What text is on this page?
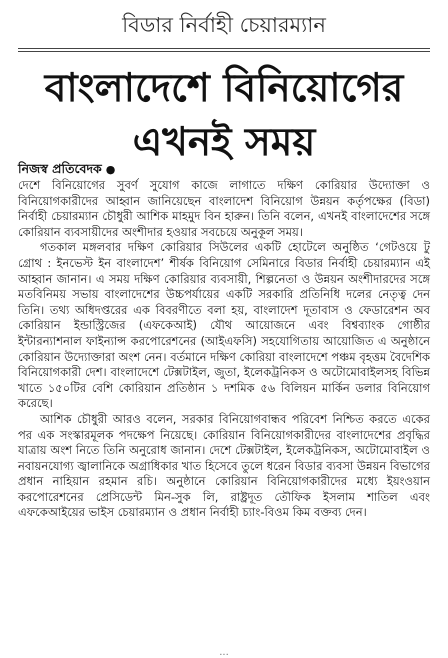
বিডার নির্বাহী চেয়ারম্যান
বাংলাদেশে বিনিয়োগের
এখনই সময়
নিজস্ব প্রতিবেদক ●

দেশে বিনিয়োগের সুবর্ণ সুযোগ কাজে লাগাতে দক্ষিণ কোরিয়ার উদ্যোক্তা ও বিনিয়োগকারীদের আহ্বান জানিয়েছেন বাংলাদেশ বিনিয়োগ উন্নয়ন কর্তৃপক্ষের (বিডা) নির্বাহী চেয়ারম্যান চৌধুরী আশিক মাহমুদ বিন হারুন। তিনি বলেন, এখনই বাংলাদেশের সঙ্গে কোরিয়ান ব্যবসায়ীদের অংশীদার হওয়ার সবচেয়ে অনুকূল সময়।

গতকাল মঙ্গলবার দক্ষিণ কোরিয়ার সিউলের একটি হোটেলে অনুষ্ঠিত ‘গেটওয়ে টু গ্রোথ : ইনভেস্ট ইন বাংলাদেশ’ শীর্ষক বিনিয়োগ সেমিনারে বিডার নির্বাহী চেয়ারম্যান এই আহ্বান জানান। এ সময় দক্ষিণ কোরিয়ার ব্যবসায়ী, শিল্পনেতা ও উন্নয়ন অংশীদারদের সঙ্গে মতবিনিময় সভায় বাংলাদেশের উচ্চপর্যায়ের একটি সরকারি প্রতিনিধি দলের নেতৃত্ব দেন তিনি। তথ্য অধিদপ্তরের এক বিবরণীতে বলা হয়, বাংলাদেশ দূতাবাস ও ফেডারেশন অব কোরিয়ান ইন্ডাস্ট্রিজের (এফকেআই) যৌথ আয়োজনে এবং বিশ্বব্যাংক গোষ্ঠীর ইন্টারন্যাশনাল ফাইন্যান্স করপোরেশনের (আইএফসি) সহযোগিতায় আয়োজিত এ অনুষ্ঠানে কোরিয়ান উদ্যোক্তারা অংশ নেন। বর্তমানে দক্ষিণ কোরিয়া বাংলাদেশে পঞ্চম বৃহত্তম বৈদেশিক বিনিয়োগকারী দেশ। বাংলাদেশে টেক্সটাইল, জুতা, ইলেকট্রনিকস ও অটোমোবাইলসহ বিভিন্ন খাতে ১৫০টির বেশি কোরিয়ান প্রতিষ্ঠান ১ দশমিক ৫৬ বিলিয়ন মার্কিন ডলার বিনিয়োগ করেছে।

আশিক চৌধুরী আরও বলেন, সরকার বিনিয়োগবান্ধব পরিবেশ নিশ্চিত করতে একের পর এক সংস্কারমূলক পদক্ষেপ নিয়েছে। কোরিয়ান বিনিয়োগকারীদের বাংলাদেশের প্রবৃদ্ধির যাত্রায় অংশ নিতে তিনি অনুরোধ জানান। দেশে টেক্সটাইল, ইলেকট্রনিকস, অটোমোবাইল ও নবায়নযোগ্য জ্বালানিকে অগ্রাধিকার খাত হিসেবে তুলে ধরেন বিডার ব্যবসা উন্নয়ন বিভাগের প্রধান নাহিয়ান রহমান রচি। অনুষ্ঠানে কোরিয়ান বিনিয়োগকারীদের মধ্যে ইয়ংওয়ান করপোরেশনের প্রেসিডেন্ট মিন-সুক লি, রাষ্ট্রদূত তৌফিক ইসলাম শাতিল এবং এফকেআইয়ের ভাইস চেয়ারম্যান ও প্রধান নির্বাহী চ্যাং-বিওম কিম বক্তব্য দেন।

...
